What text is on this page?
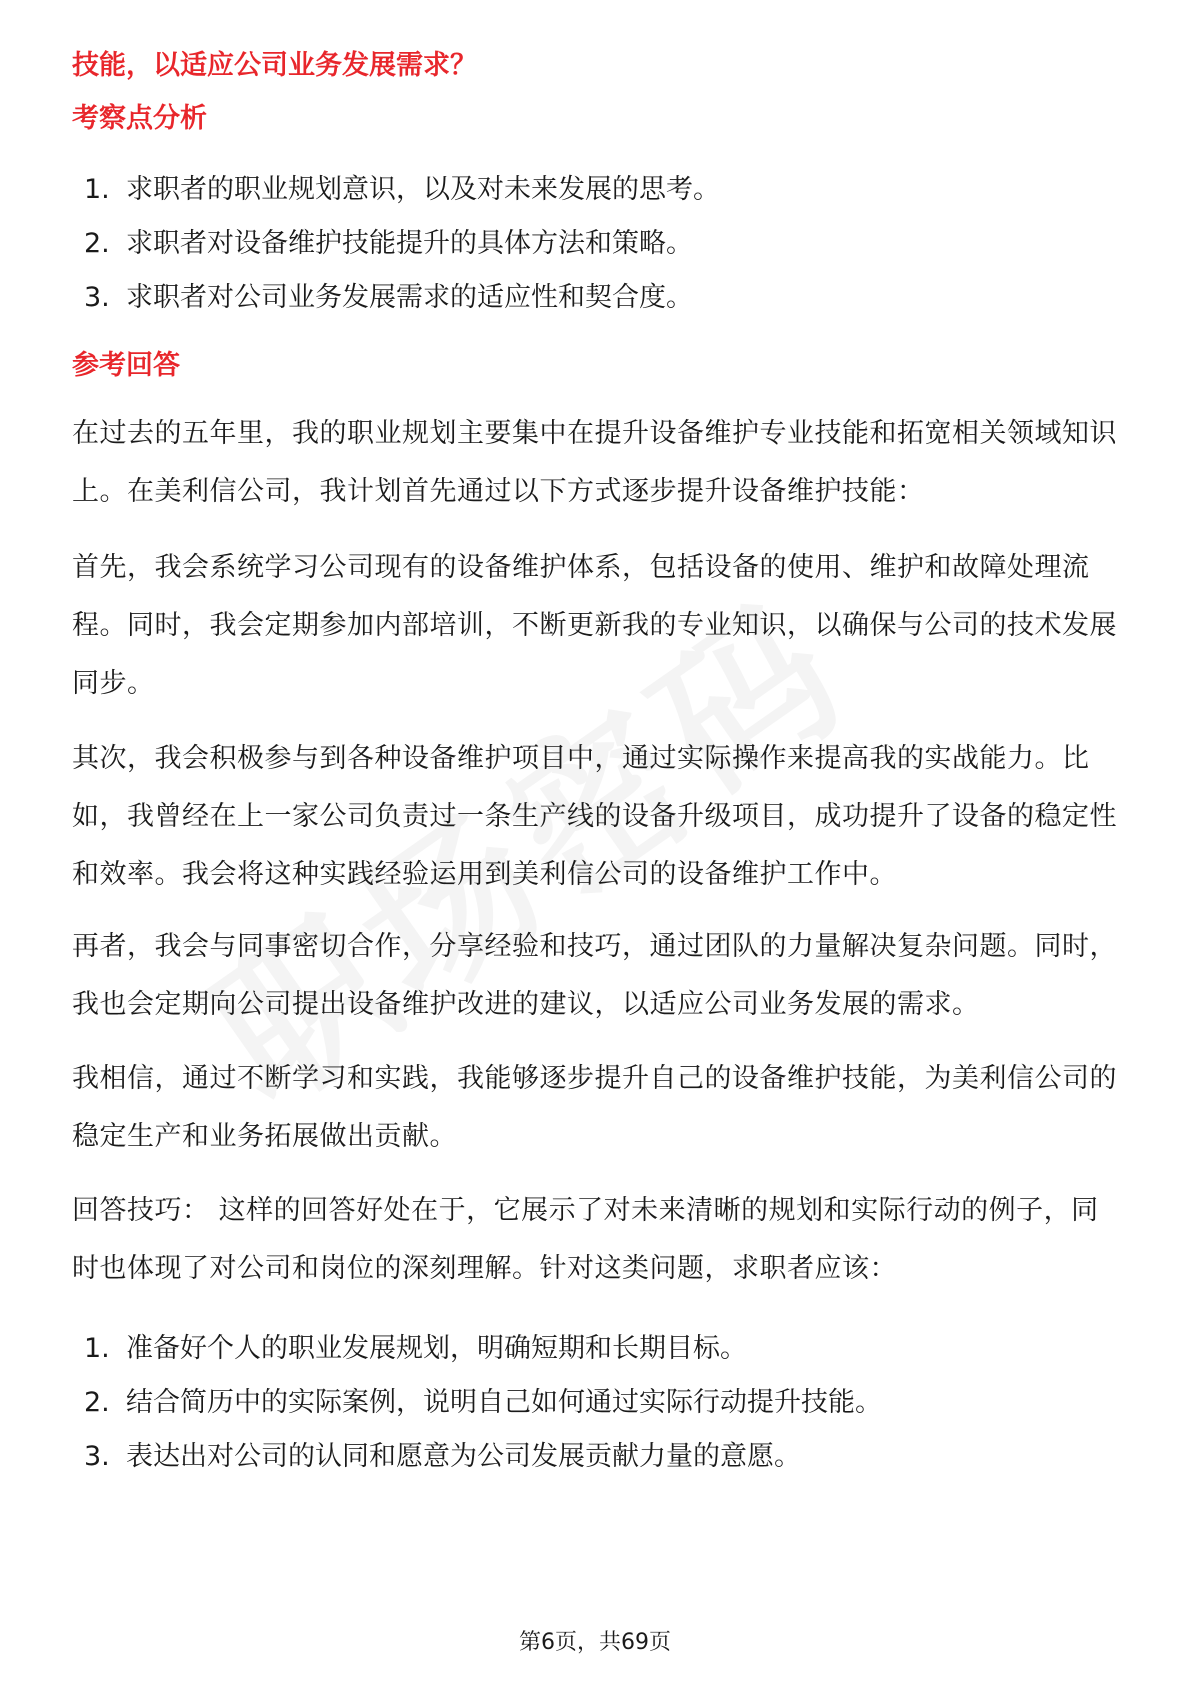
技能，以适应公司业务发展需求？
考察点分析
1. 求职者的职业规划意识，以及对未来发展的思考。
2. 求职者对设备维护技能提升的具体方法和策略。
3. 求职者对公司业务发展需求的适应性和契合度。
参考回答
在过去的五年里，我的职业规划主要集中在提升设备维护专业技能和拓宽相关领域知识上。在美利信公司，我计划首先通过以下方式逐步提升设备维护技能：
首先，我会系统学习公司现有的设备维护体系，包括设备的使用、维护和故障处理流程。同时，我会定期参加内部培训，不断更新我的专业知识，以确保与公司的技术发展同步。
其次，我会积极参与到各种设备维护项目中，通过实际操作来提高我的实战能力。比如，我曾经在上一家公司负责过一条生产线的设备升级项目，成功提升了设备的稳定性和效率。我会将这种实践经验运用到美利信公司的设备维护工作中。
再者，我会与同事密切合作，分享经验和技巧，通过团队的力量解决复杂问题。同时，我也会定期向公司提出设备维护改进的建议，以适应公司业务发展的需求。
我相信，通过不断学习和实践，我能够逐步提升自己的设备维护技能，为美利信公司的稳定生产和业务拓展做出贡献。
回答技巧： 这样的回答好处在于，它展示了对未来清晰的规划和实际行动的例子，同时也体现了对公司和岗位的深刻理解。针对这类问题，求职者应该：
1. 准备好个人的职业发展规划，明确短期和长期目标。
2. 结合简历中的实际案例，说明自己如何通过实际行动提升技能。
3. 表达出对公司的认同和愿意为公司发展贡献力量的意愿。
第6页，共69页
